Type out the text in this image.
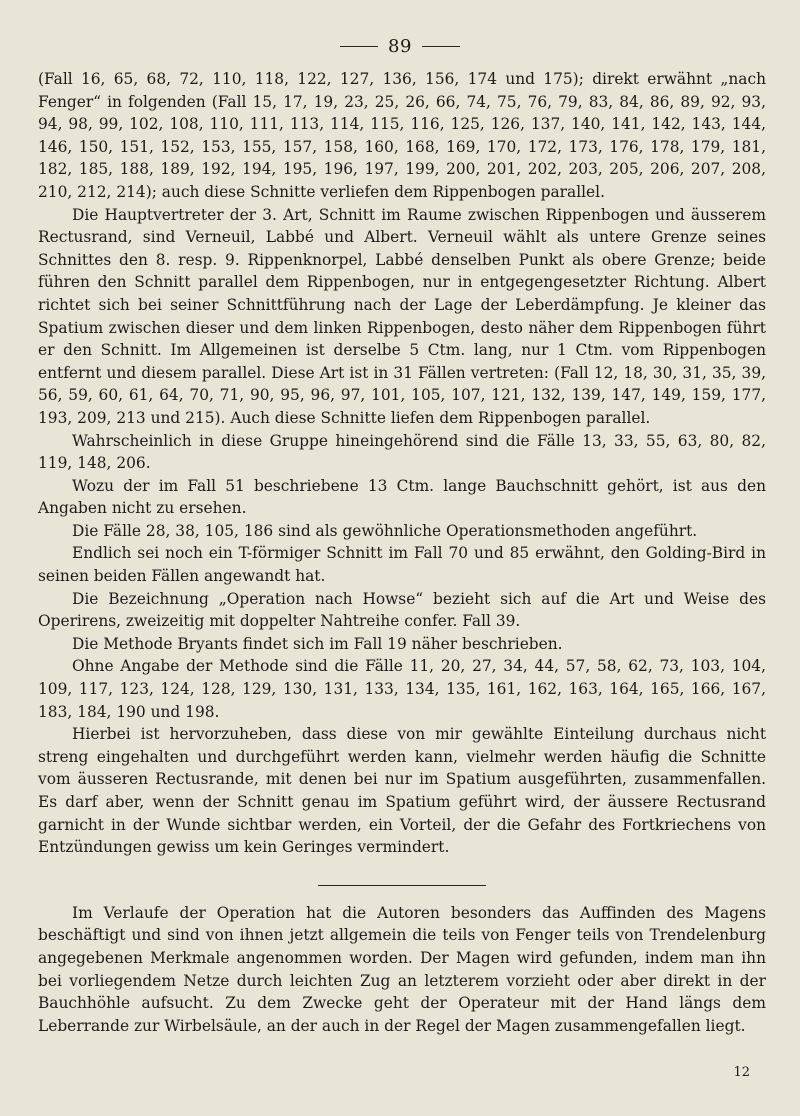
89

(Fall 16, 65, 68, 72, 110, 118, 122, 127, 136, 156, 174 und 175); direkt erwähnt „nach Fenger“ in folgenden (Fall 15, 17, 19, 23, 25, 26, 66, 74, 75, 76, 79, 83, 84, 86, 89, 92, 93, 94, 98, 99, 102, 108, 110, 111, 113, 114, 115, 116, 125, 126, 137, 140, 141, 142, 143, 144, 146, 150, 151, 152, 153, 155, 157, 158, 160, 168, 169, 170, 172, 173, 176, 178, 179, 181, 182, 185, 188, 189, 192, 194, 195, 196, 197, 199, 200, 201, 202, 203, 205, 206, 207, 208, 210, 212, 214); auch diese Schnitte verliefen dem Rippenbogen parallel.

Die Hauptvertreter der 3. Art, Schnitt im Raume zwischen Rippenbogen und äusserem Rectusrand, sind Verneuil, Labbé und Albert. Verneuil wählt als untere Grenze seines Schnittes den 8. resp. 9. Rippenknorpel, Labbé denselben Punkt als obere Grenze; beide führen den Schnitt parallel dem Rippenbogen, nur in entgegengesetzter Richtung. Albert richtet sich bei seiner Schnittführung nach der Lage der Leberdämpfung. Je kleiner das Spatium zwischen dieser und dem linken Rippenbogen, desto näher dem Rippenbogen führt er den Schnitt. Im Allgemeinen ist derselbe 5 Ctm. lang, nur 1 Ctm. vom Rippenbogen entfernt und diesem parallel. Diese Art ist in 31 Fällen vertreten: (Fall 12, 18, 30, 31, 35, 39, 56, 59, 60, 61, 64, 70, 71, 90, 95, 96, 97, 101, 105, 107, 121, 132, 139, 147, 149, 159, 177, 193, 209, 213 und 215). Auch diese Schnitte liefen dem Rippenbogen parallel.

Wahrscheinlich in diese Gruppe hineingehörend sind die Fälle 13, 33, 55, 63, 80, 82, 119, 148, 206.

Wozu der im Fall 51 beschriebene 13 Ctm. lange Bauchschnitt gehört, ist aus den Angaben nicht zu ersehen.

Die Fälle 28, 38, 105, 186 sind als gewöhnliche Operationsmethoden angeführt.

Endlich sei noch ein T-förmiger Schnitt im Fall 70 und 85 erwähnt, den Golding-Bird in seinen beiden Fällen angewandt hat.

Die Bezeichnung „Operation nach Howse“ bezieht sich auf die Art und Weise des Operirens, zweizeitig mit doppelter Nahtreihe confer. Fall 39.

Die Methode Bryants findet sich im Fall 19 näher beschrieben.

Ohne Angabe der Methode sind die Fälle 11, 20, 27, 34, 44, 57, 58, 62, 73, 103, 104, 109, 117, 123, 124, 128, 129, 130, 131, 133, 134, 135, 161, 162, 163, 164, 165, 166, 167, 183, 184, 190 und 198.

Hierbei ist hervorzuheben, dass diese von mir gewählte Einteilung durchaus nicht streng eingehalten und durchgeführt werden kann, vielmehr werden häufig die Schnitte vom äusseren Rectusrande, mit denen bei nur im Spatium ausgeführten, zusammenfallen. Es darf aber, wenn der Schnitt genau im Spatium geführt wird, der äussere Rectusrand garnicht in der Wunde sichtbar werden, ein Vorteil, der die Gefahr des Fortkriechens von Entzündungen gewiss um kein Geringes vermindert.

Im Verlaufe der Operation hat die Autoren besonders das Auffinden des Magens beschäftigt und sind von ihnen jetzt allgemein die teils von Fenger teils von Trendelenburg angegebenen Merkmale angenommen worden. Der Magen wird gefunden, indem man ihn bei vorliegendem Netze durch leichten Zug an letzterem vorzieht oder aber direkt in der Bauchhöhle aufsucht. Zu dem Zwecke geht der Operateur mit der Hand längs dem Leberrande zur Wirbelsäule, an der auch in der Regel der Magen zusammengefallen liegt.

12
